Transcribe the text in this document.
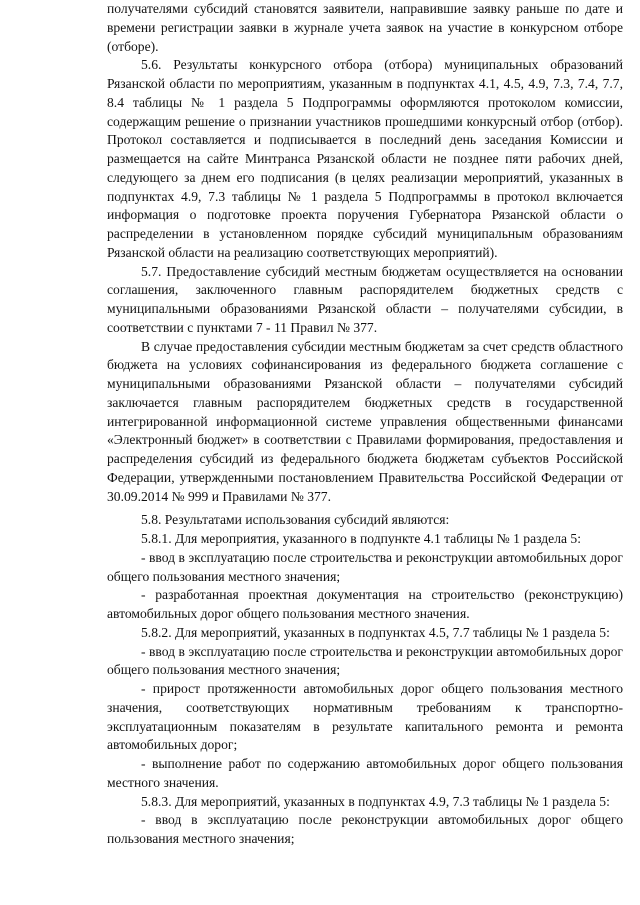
получателями субсидий становятся заявители, направившие заявку раньше по дате и времени регистрации заявки в журнале учета заявок на участие в конкурсном отборе (отборе).

5.6. Результаты конкурсного отбора (отбора) муниципальных образований Рязанской области по мероприятиям, указанным в подпунктах 4.1, 4.5, 4.9, 7.3, 7.4, 7.7, 8.4 таблицы № 1 раздела 5 Подпрограммы оформляются протоколом комиссии, содержащим решение о признании участников прошедшими конкурсный отбор (отбор). Протокол составляется и подписывается в последний день заседания Комиссии и размещается на сайте Минтранса Рязанской области не позднее пяти рабочих дней, следующего за днем его подписания (в целях реализации мероприятий, указанных в подпунктах 4.9, 7.3 таблицы № 1 раздела 5 Подпрограммы в протокол включается информация о подготовке проекта поручения Губернатора Рязанской области о распределении в установленном порядке субсидий муниципальным образованиям Рязанской области на реализацию соответствующих мероприятий).

5.7. Предоставление субсидий местным бюджетам осуществляется на основании соглашения, заключенного главным распорядителем бюджетных средств с муниципальными образованиями Рязанской области – получателями субсидии, в соответствии с пунктами 7 - 11 Правил № 377.

В случае предоставления субсидии местным бюджетам за счет средств областного бюджета на условиях софинансирования из федерального бюджета соглашение с муниципальными образованиями Рязанской области – получателями субсидий заключается главным распорядителем бюджетных средств в государственной интегрированной информационной системе управления общественными финансами «Электронный бюджет» в соответствии с Правилами формирования, предоставления и распределения субсидий из федерального бюджета бюджетам субъектов Российской Федерации, утвержденными постановлением Правительства Российской Федерации от 30.09.2014 № 999 и Правилами № 377.

5.8. Результатами использования субсидий являются:

5.8.1. Для мероприятия, указанного в подпункте 4.1 таблицы № 1 раздела 5:

- ввод в эксплуатацию после строительства и реконструкции автомобильных дорог общего пользования местного значения;

- разработанная проектная документация на строительство (реконструкцию) автомобильных дорог общего пользования местного значения.

5.8.2. Для мероприятий, указанных в подпунктах 4.5, 7.7 таблицы № 1 раздела 5:

- ввод в эксплуатацию после строительства и реконструкции автомобильных дорог общего пользования местного значения;

- прирост протяженности автомобильных дорог общего пользования местного значения, соответствующих нормативным требованиям к транспортно-эксплуатационным показателям в результате капитального ремонта и ремонта автомобильных дорог;

- выполнение работ по содержанию автомобильных дорог общего пользования местного значения.

5.8.3. Для мероприятий, указанных в подпунктах 4.9, 7.3 таблицы № 1 раздела 5:

- ввод в эксплуатацию после реконструкции автомобильных дорог общего пользования местного значения;
